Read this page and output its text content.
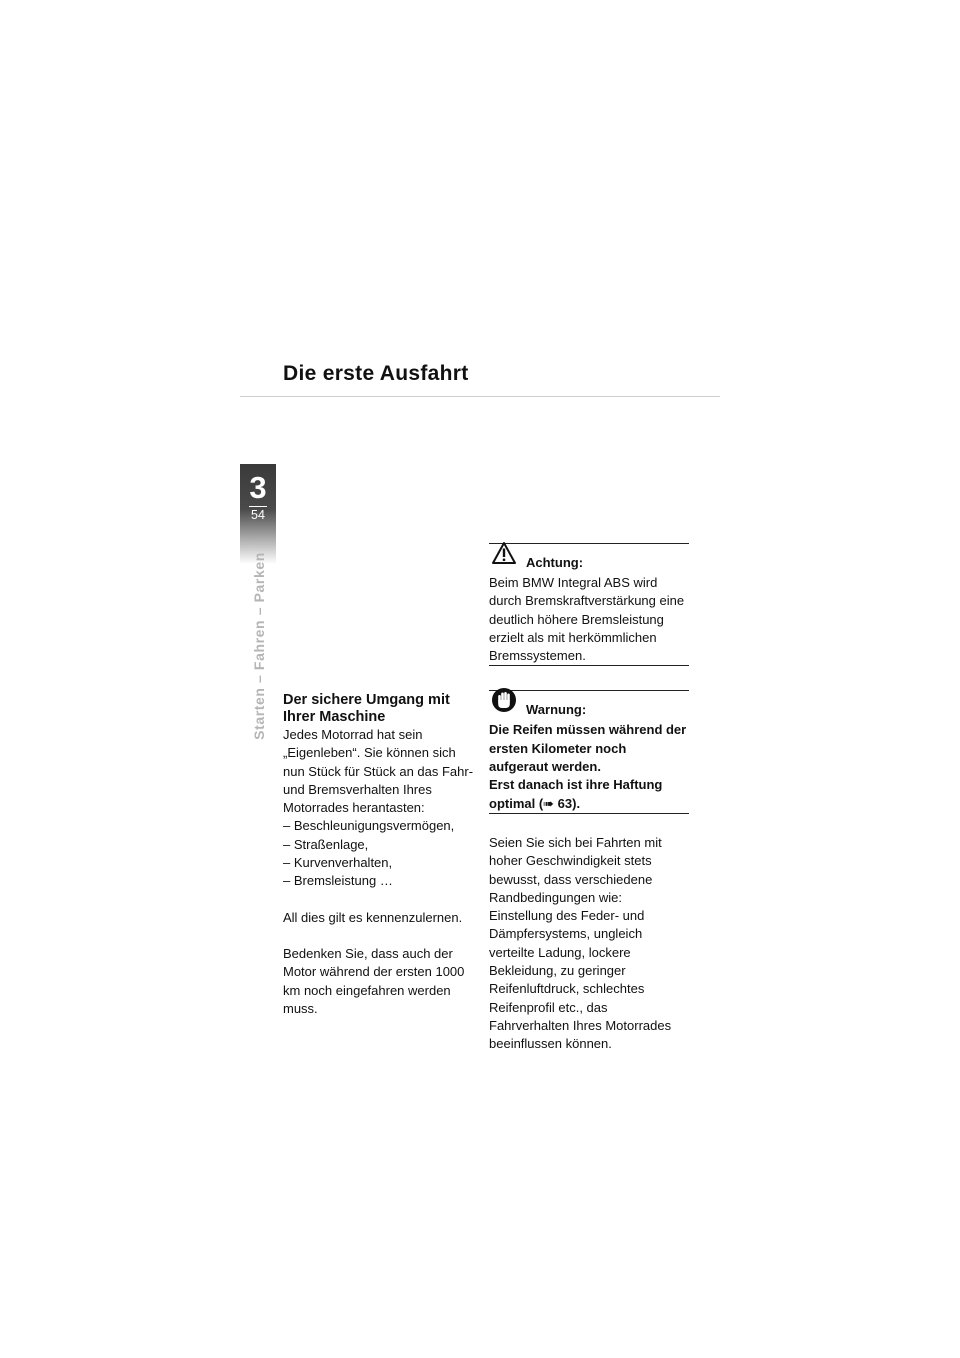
Die erste Ausfahrt
3
54
Starten – Fahren – Parken Der sichere Umgang mit Ihrer Maschine

Jedes Motorrad hat sein „Eigenleben“. Sie können sich nun Stück für Stück an das Fahr- und Bremsverhalten Ihres Motorrades herantasten:

– Beschleunigungsvermögen,
– Straßenlage,
– Kurvenverhalten,
– Bremsleistung …

All dies gilt es kennenzulernen.

Bedenken Sie, dass auch der Motor während der ersten 1000 km noch eingefahren werden muss.

Achtung:

Beim BMW Integral ABS wird durch Bremskraftverstärkung eine deutlich höhere Bremsleistung erzielt als mit herkömmlichen Bremssystemen.

Warnung:

Die Reifen müssen während der ersten Kilometer noch aufgeraut werden.

Erst danach ist ihre Haftung optimal (➠ 63).

Seien Sie sich bei Fahrten mit hoher Geschwindigkeit stets bewusst, dass verschiedene Randbedingungen wie: Einstellung des Feder- und Dämpfersystems, ungleich verteilte Ladung, lockere Bekleidung, zu geringer Reifenluftdruck, schlechtes Reifenprofil etc., das Fahrverhalten Ihres Motorrades beeinflussen können.
